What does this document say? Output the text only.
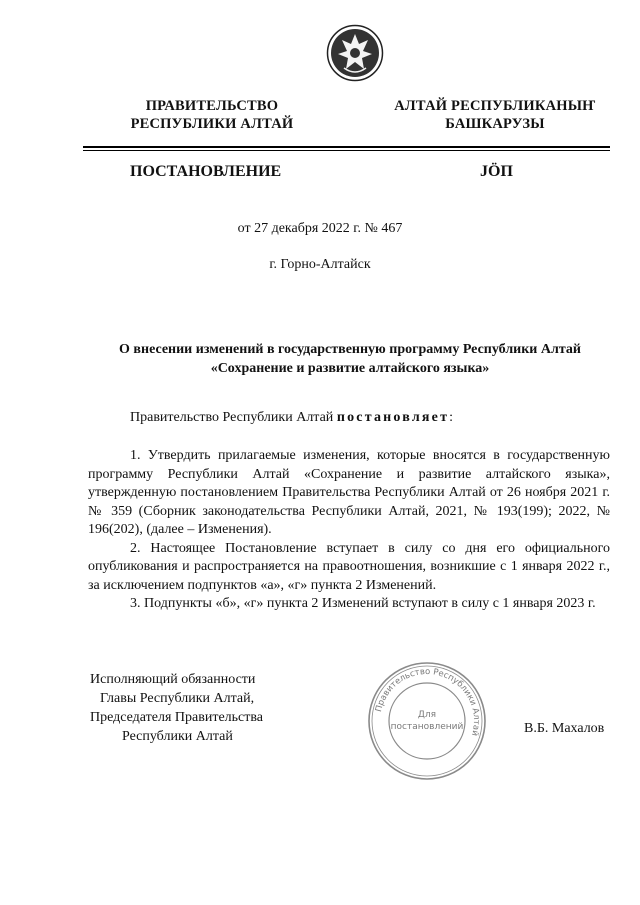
ПРАВИТЕЛЬСТВО
РЕСПУБЛИКИ АЛТАЙ
АЛТАЙ РЕСПУБЛИКАНЫҤ
БАШКАРУЗЫ
ПОСТАНОВЛЕНИЕ	JÖП
от 27 декабря 2022 г. № 467
г. Горно-Алтайск
О внесении изменений в государственную программу Республики Алтай
«Сохранение и развитие алтайского языка»
Правительство Республики Алтай постановляет:

1. Утвердить прилагаемые изменения, которые вносятся в государственную программу Республики Алтай «Сохранение и развитие алтайского языка», утвержденную постановлением Правительства Республики Алтай от 26 ноября 2021 г. № 359 (Сборник законодательства Республики Алтай, 2021, № 193(199); 2022, № 196(202), (далее – Изменения).

2. Настоящее Постановление вступает в силу со дня его официального опубликования и распространяется на правоотношения, возникшие с 1 января 2022 г., за исключением подпунктов «а», «г» пункта 2 Изменений.

3. Подпункты «б», «г» пункта 2 Изменений вступают в силу с 1 января 2023 г.

Исполняющий обязанности
Главы Республики Алтай,
Председателя Правительства
Республики Алтай
Правительство Республики Алтай
Для
постановлений	В.Б. Махалов
